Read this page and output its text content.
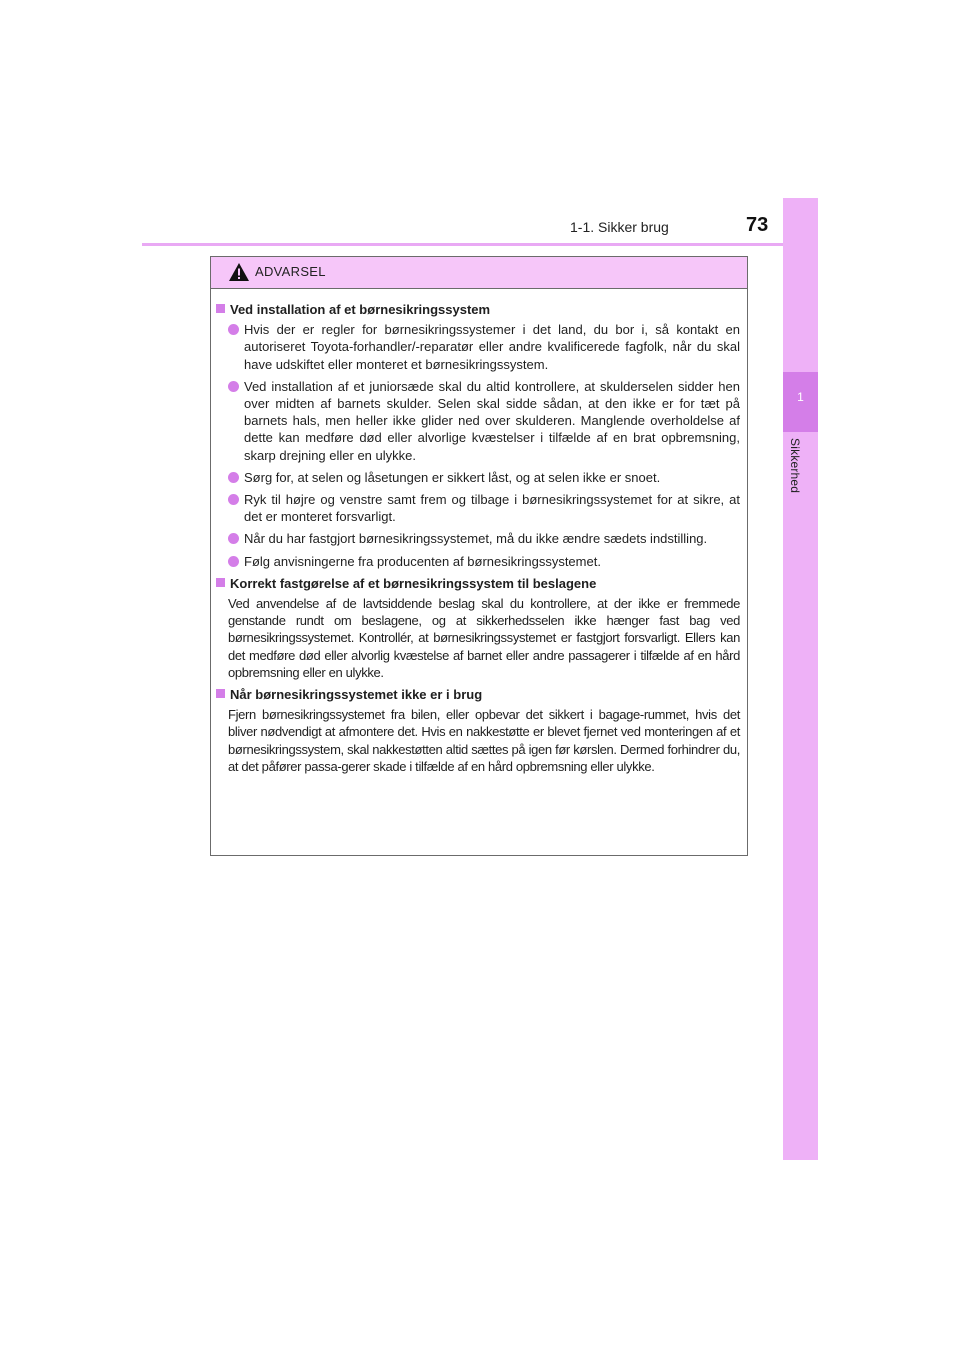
1-1. Sikker brug	73
1
Sikkerhed
ADVARSEL
Ved installation af et børnesikringssystem
Hvis der er regler for børnesikringssystemer i det land, du bor i, så kontakt en autoriseret Toyota-forhandler/-reparatør eller andre kvalificerede fagfolk, når du skal have udskiftet eller monteret et børnesikringssystem.
Ved installation af et juniorsæde skal du altid kontrollere, at skulderselen sidder hen over midten af barnets skulder. Selen skal sidde sådan, at den ikke er for tæt på barnets hals, men heller ikke glider ned over skulderen. Manglende overholdelse af dette kan medføre død eller alvorlige kvæstelser i tilfælde af en brat opbremsning, skarp drejning eller en ulykke.
Sørg for, at selen og låsetungen er sikkert låst, og at selen ikke er snoet.
Ryk til højre og venstre samt frem og tilbage i børnesikringssystemet for at sikre, at det er monteret forsvarligt.
Når du har fastgjort børnesikringssystemet, må du ikke ændre sædets indstilling.
Følg anvisningerne fra producenten af børnesikringssystemet.
Korrekt fastgørelse af et børnesikringssystem til beslagene
Ved anvendelse af de lavtsiddende beslag skal du kontrollere, at der ikke er fremmede genstande rundt om beslagene, og at sikkerhedsselen ikke hænger fast bag ved børnesikringssystemet. Kontrollér, at børnesikringssystemet er fastgjort forsvarligt. Ellers kan det medføre død eller alvorlig kvæstelse af barnet eller andre passagerer i tilfælde af en hård opbremsning eller en ulykke.
Når børnesikringssystemet ikke er i brug
Fjern børnesikringssystemet fra bilen, eller opbevar det sikkert i bagage-rummet, hvis det bliver nødvendigt at afmontere det. Hvis en nakkestøtte er blevet fjernet ved monteringen af et børnesikringssystem, skal nakkestøtten altid sættes på igen før kørslen. Dermed forhindrer du, at det påfører passa-gerer skade i tilfælde af en hård opbremsning eller ulykke.
